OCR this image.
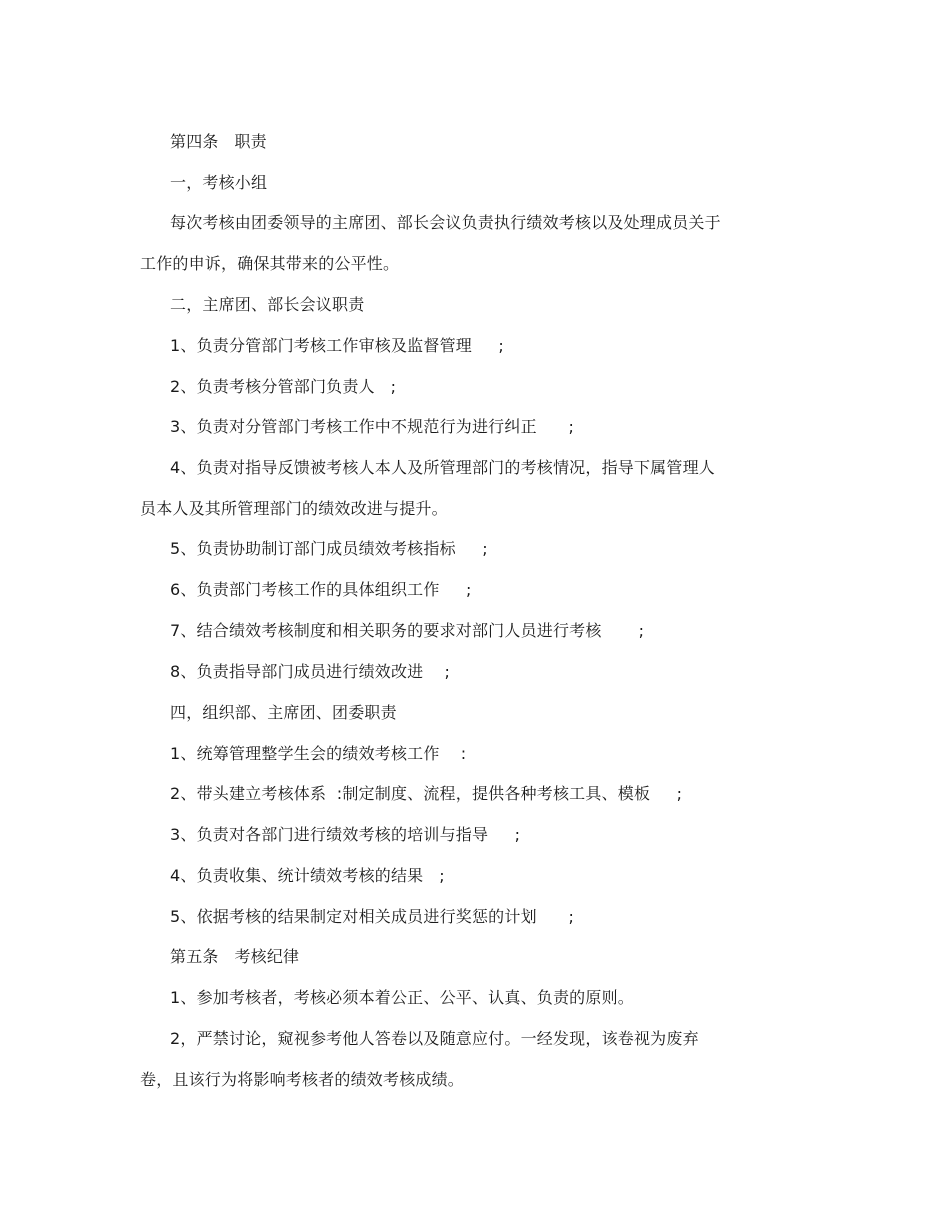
第四条   职责
一，考核小组
每次考核由团委领导的主席团、部长会议负责执行绩效考核以及处理成员关于
工作的申诉，确保其带来的公平性。
二，主席团、部长会议职责
1、负责分管部门考核工作审核及监督管理     ;
2、负责考核分管部门负责人   ;
3、负责对分管部门考核工作中不规范行为进行纠正      ;
4、负责对指导反馈被考核人本人及所管理部门的考核情况，指导下属管理人
员本人及其所管理部门的绩效改进与提升。
5、负责协助制订部门成员绩效考核指标     ;
6、负责部门考核工作的具体组织工作     ;
7、结合绩效考核制度和相关职务的要求对部门人员进行考核       ;
8、负责指导部门成员进行绩效改进    ;
四，组织部、主席团、团委职责
1、统筹管理整学生会的绩效考核工作    :
2、带头建立考核体系  :制定制度、流程，提供各种考核工具、模板     ;
3、负责对各部门进行绩效考核的培训与指导     ;
4、负责收集、统计绩效考核的结果   ;
5、依据考核的结果制定对相关成员进行奖惩的计划      ;
第五条   考核纪律
1、参加考核者，考核必须本着公正、公平、认真、负责的原则。
2，严禁讨论，窥视参考他人答卷以及随意应付。一经发现，该卷视为废弃
卷，且该行为将影响考核者的绩效考核成绩。
